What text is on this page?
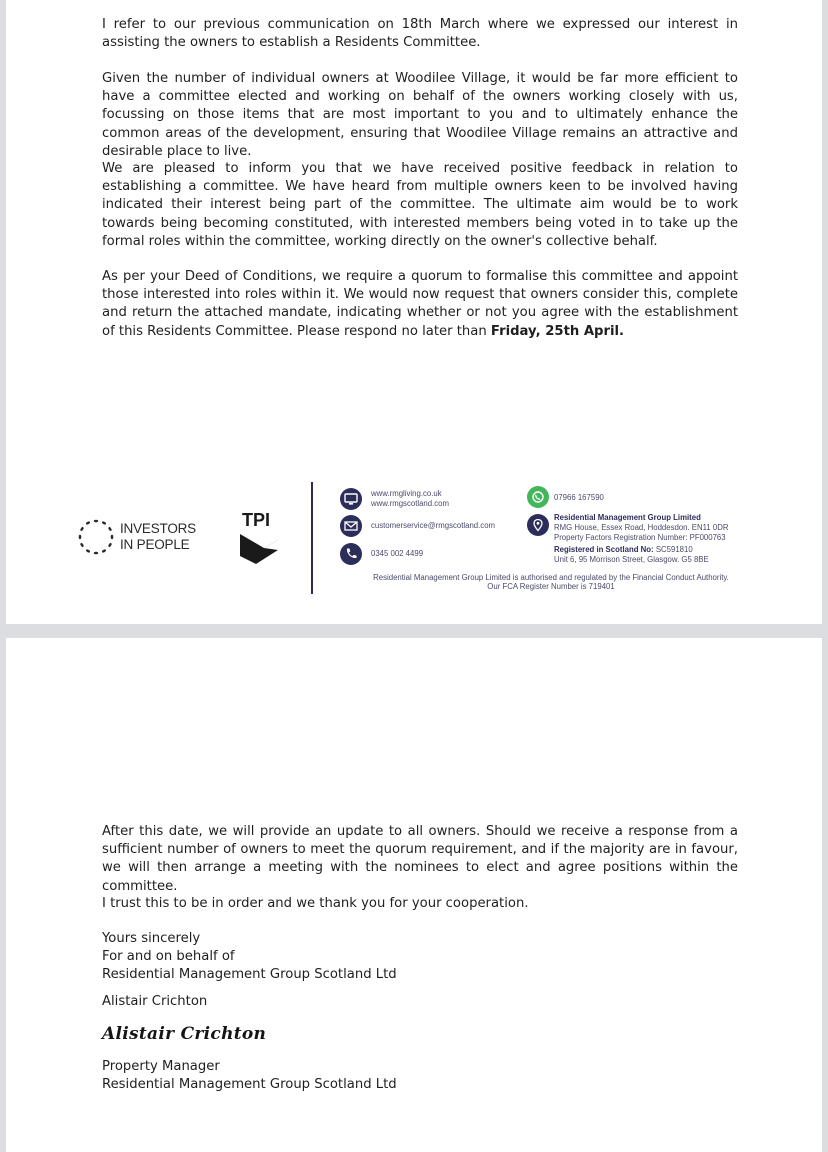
I refer to our previous communication on 18th March where we expressed our interest in assisting the owners to establish a Residents Committee.

Given the number of individual owners at Woodilee Village, it would be far more efficient to have a committee elected and working on behalf of the owners working closely with us, focussing on those items that are most important to you and to ultimately enhance the common areas of the development, ensuring that Woodilee Village remains an attractive and desirable place to live.

We are pleased to inform you that we have received positive feedback in relation to establishing a committee. We have heard from multiple owners keen to be involved having indicated their interest being part of the committee. The ultimate aim would be to work towards being becoming constituted, with interested members being voted in to take up the formal roles within the committee, working directly on the owner's collective behalf.

As per your Deed of Conditions, we require a quorum to formalise this committee and appoint those interested into roles within it. We would now request that owners consider this, complete and return the attached mandate, indicating whether or not you agree with the establishment of this Residents Committee. Please respond no later than Friday, 25th April.

INVESTORS
IN PEOPLE
TPI
www.rmgliving.co.uk
www.rmgscotland.com
customerservice@rmgscotland.com
0345 002 4499
07966 167590
Residential Management Group Limited
RMG House, Essex Road, Hoddesdon. EN11 0DR
Property Factors Registration Number: PF000763
Registered in Scotland No: SC591810
Unit 6, 95 Morrison Street, Glasgow. G5 8BE
Residential Management Group Limited is authorised and regulated by the Financial Conduct Authority.
Our FCA Register Number is 719401

After this date, we will provide an update to all owners. Should we receive a response from a sufficient number of owners to meet the quorum requirement, and if the majority are in favour, we will then arrange a meeting with the nominees to elect and agree positions within the committee.

I trust this to be in order and we thank you for your cooperation.

Yours sincerely

For and on behalf of

Residential Management Group Scotland Ltd

Alistair Crichton

Alistair Crichton

Property Manager

Residential Management Group Scotland Ltd
